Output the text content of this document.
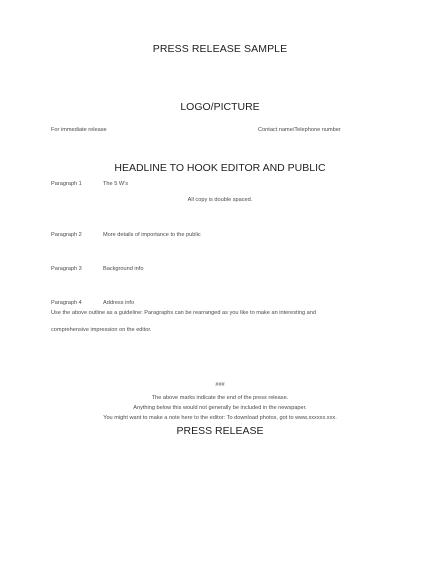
PRESS RELEASE SAMPLE
LOGO/PICTURE
For immediate release	Contact name/Telephone number
HEADLINE TO HOOK EDITOR AND PUBLIC
Paragraph 1	The 5 W’s
All copy is double spaced.
Paragraph 2	More details of importance to the public
Paragraph 3	Background info
Paragraph 4	Address info
Use the above outline as a guideline: Paragraphs can be rearranged as you like to make an interesting and
comprehensive impression on the editor.
###
The above marks indicate the end of the press release.
Anything below this would not generally be included in the newspaper.
You might want to make a note here to the editor: To download photos, got to www.xxxxxx.xxx.
PRESS RELEASE
